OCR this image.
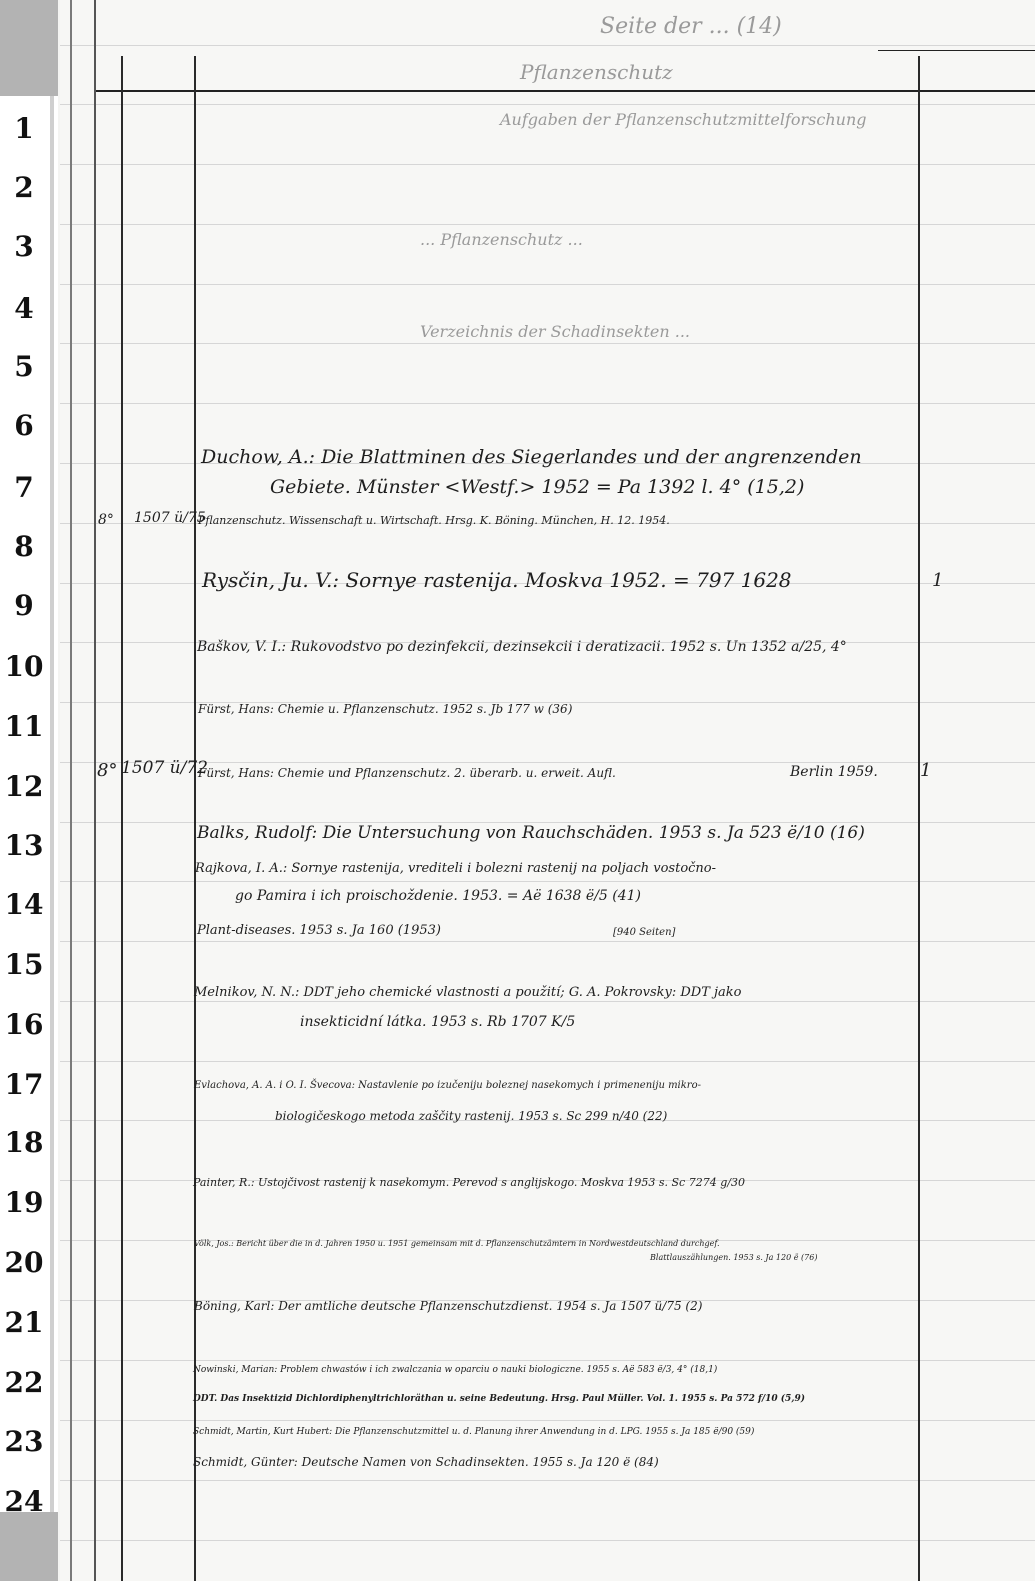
1
2
3
4
5
6
7
8
9
10
11
12
13
14
15
16
17
18
19
20
21
22
23
24
Seite der ... (14)
Pflanzenschutz
Aufgaben der Pflanzenschutzmittelforschung
... Pflanzenschutz ...
Verzeichnis der Schadinsekten ...
8° 1507 ü/75
8° 1507 ü/72
1
1
Duchow, A.: Die Blattminen des Siegerlandes und der angrenzenden
Gebiete. Münster <Westf.> 1952 = Pa 1392 l. 4° (15,2)
Pflanzenschutz. Wissenschaft u. Wirtschaft. Hrsg. K. Böning. München, H. 12. 1954.
Rysčin, Ju. V.: Sornye rastenija. Moskva 1952. = 797 1628
Baškov, V. I.: Rukovodstvo po dezinfekcii, dezinsekcii i deratizacii. 1952 s. Un 1352 a/25, 4°
Fürst, Hans: Chemie u. Pflanzenschutz. 1952 s. Jb 177 w (36)
Fürst, Hans: Chemie und Pflanzenschutz. 2. überarb. u. erweit. Aufl.	Berlin 1959.
Balks, Rudolf: Die Untersuchung von Rauchschäden. 1953 s. Ja 523 ë/10 (16)
Rajkova, I. A.: Sornye rastenija, vrediteli i bolezni rastenij na poljach vostočno-
go Pamira i ich proischoždenie. 1953. = Aë 1638 ë/5 (41)
Plant-diseases. 1953 s. Ja 160 (1953)	[940 Seiten]
Melnikov, N. N.: DDT jeho chemické vlastnosti a použití; G. A. Pokrovsky: DDT jako
insekticidní látka. 1953 s. Rb 1707 K/5
Evlachova, A. A. i O. I. Švecova: Nastavlenie po izučeniju boleznej nasekomych i primeneniju mikro-
biologičeskogo metoda zaščity rastenij. 1953 s. Sc 299 n/40 (22)
Painter, R.: Ustojčivost rastenij k nasekomym. Perevod s anglijskogo. Moskva 1953 s. Sc 7274 g/30
Völk, Jos.: Bericht über die in d. Jahren 1950 u. 1951 gemeinsam mit d. Pflanzenschutzämtern in Nordwestdeutschland durchgef.
Blattlauszählungen. 1953 s. Ja 120 ë (76)
Böning, Karl: Der amtliche deutsche Pflanzenschutzdienst. 1954 s. Ja 1507 ü/75 (2)
Nowinski, Marian: Problem chwastów i ich zwalczania w oparciu o nauki biologiczne. 1955 s. Aë 583 ë/3, 4° (18,1)
DDT. Das Insektizid Dichlordiphenyltrichloräthan u. seine Bedeutung. Hrsg. Paul Müller. Vol. 1. 1955 s. Pa 572 f/10 (5,9)
Schmidt, Martin, Kurt Hubert: Die Pflanzenschutzmittel u. d. Planung ihrer Anwendung in d. LPG. 1955 s. Ja 185 ë/90 (59)
Schmidt, Günter: Deutsche Namen von Schadinsekten. 1955 s. Ja 120 ë (84)
